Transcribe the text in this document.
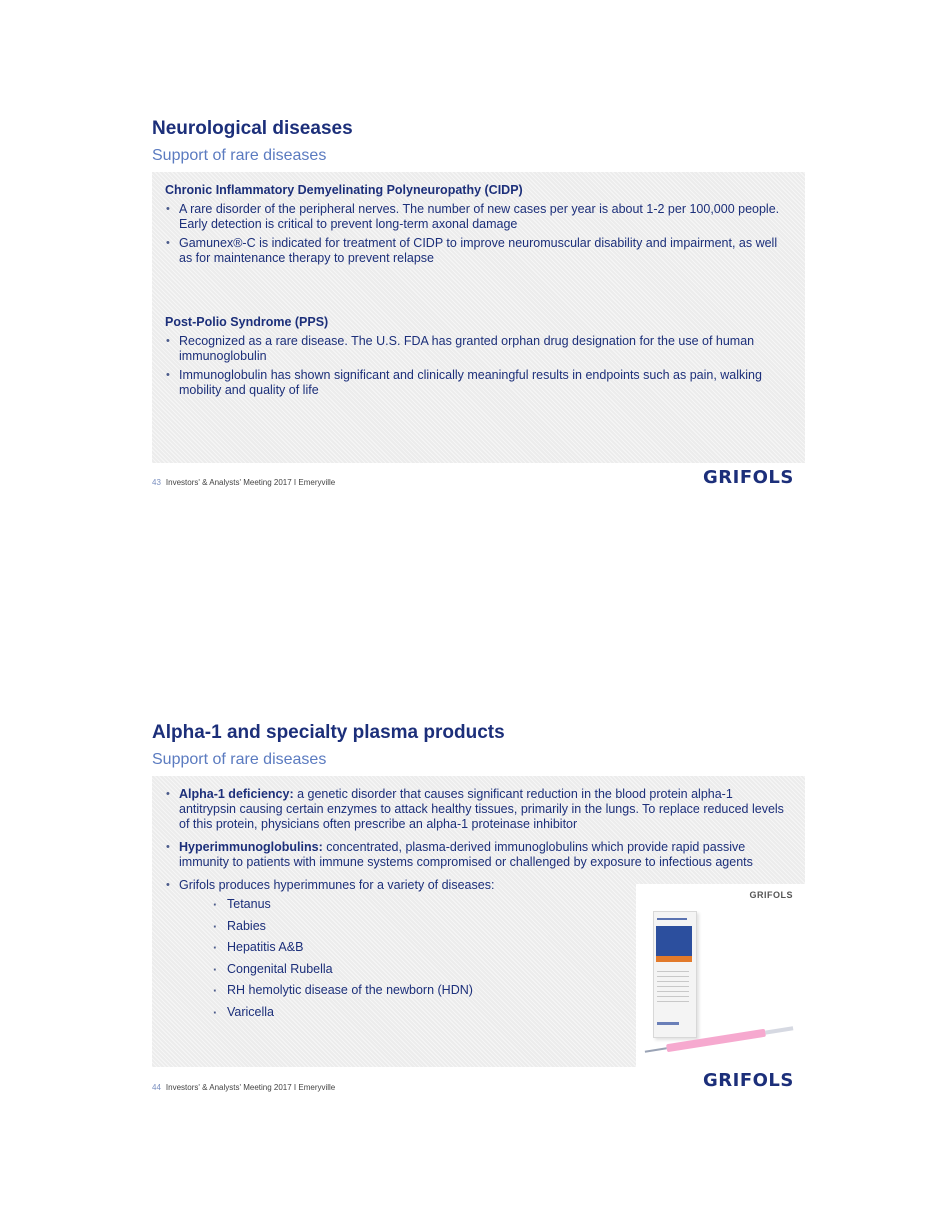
Neurological diseases
Support of rare diseases

Chronic Inflammatory Demyelinating Polyneuropathy (CIDP)

• A rare disorder of the peripheral nerves. The number of new cases per year is about 1-2 per 100,000 people. Early detection is critical to prevent long-term axonal damage
• Gamunex®-C is indicated for treatment of CIDP to improve neuromuscular disability and impairment, as well as for maintenance therapy to prevent relapse

Post-Polio Syndrome (PPS)

• Recognized as a rare disease. The U.S. FDA has granted orphan drug designation for the use of human immunoglobulin
• Immunoglobulin has shown significant and clinically meaningful results in endpoints such as pain, walking mobility and quality of life
43 Investors' & Analysts' Meeting 2017 I Emeryville	GRIFOLS
Alpha-1 and specialty plasma products
Support of rare diseases
• Alpha-1 deficiency: a genetic disorder that causes significant reduction in the blood protein alpha-1 antitrypsin causing certain enzymes to attack healthy tissues, primarily in the lungs. To replace reduced levels of this protein, physicians often prescribe an alpha-1 proteinase inhibitor
• Hyperimmunoglobulins: concentrated, plasma-derived immunoglobulins which provide rapid passive immunity to patients with immune systems compromised or challenged by exposure to infectious agents
• Grifols produces hyperimmunes for a variety of diseases:
· Tetanus
· Rabies
· Hepatitis A&B
· Congenital Rubella
· RH hemolytic disease of the newborn (HDN)
· Varicella
GRIFOLS
44 Investors' & Analysts' Meeting 2017 I Emeryville	GRIFOLS
